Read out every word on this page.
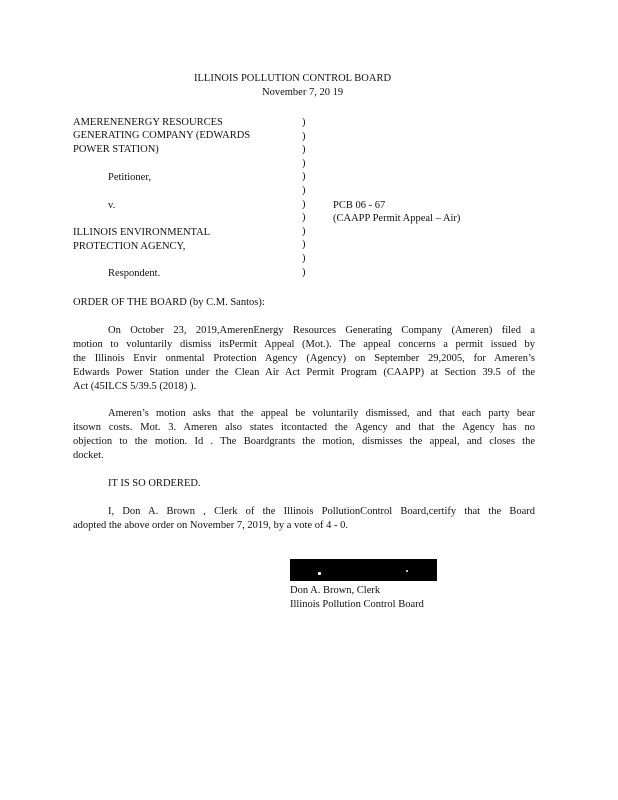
ILLINOIS POLLUTION CONTROL BOARD
November 7, 20 19
AMERENENERGY RESOURCES
GENERATING COMPANY (EDWARDS
POWER STATION)
Petitioner,
v.
ILLINOIS ENVIRONMENTAL
PROTECTION AGENCY,
Respondent.
)
)
)
)
)
)
)
)
)
)
)
)
PCB 06 - 67
(CAAPP Permit Appeal – Air)
ORDER OF THE BOARD (by C.M. Santos):
On October 23, 2019,AmerenEnergy Resources Generating Company (Ameren) filed a
motion to voluntarily dismiss itsPermit Appeal (Mot.). The appeal concerns a permit issued by
the Illinois Envir onmental Protection Agency (Agency) on September 29,2005, for Ameren’s
Edwards Power Station under the Clean Air Act Permit Program (CAAPP) at Section 39.5 of the
Act (45ILCS 5/39.5 (2018) ).
Ameren’s motion asks that the appeal be voluntarily dismissed, and that each party bear
itsown costs. Mot. 3. Ameren also states itcontacted the Agency and that the Agency has no
objection to the motion. Id . The Boardgrants the motion, dismisses the appeal, and closes the
docket.
IT IS SO ORDERED.
I, Don A. Brown , Clerk of the Illinois PollutionControl Board,certify that the Board
adopted the above order on November 7, 2019, by a vote of 4 - 0.
Don A. Brown, Clerk
Illinois Pollution Control Board
